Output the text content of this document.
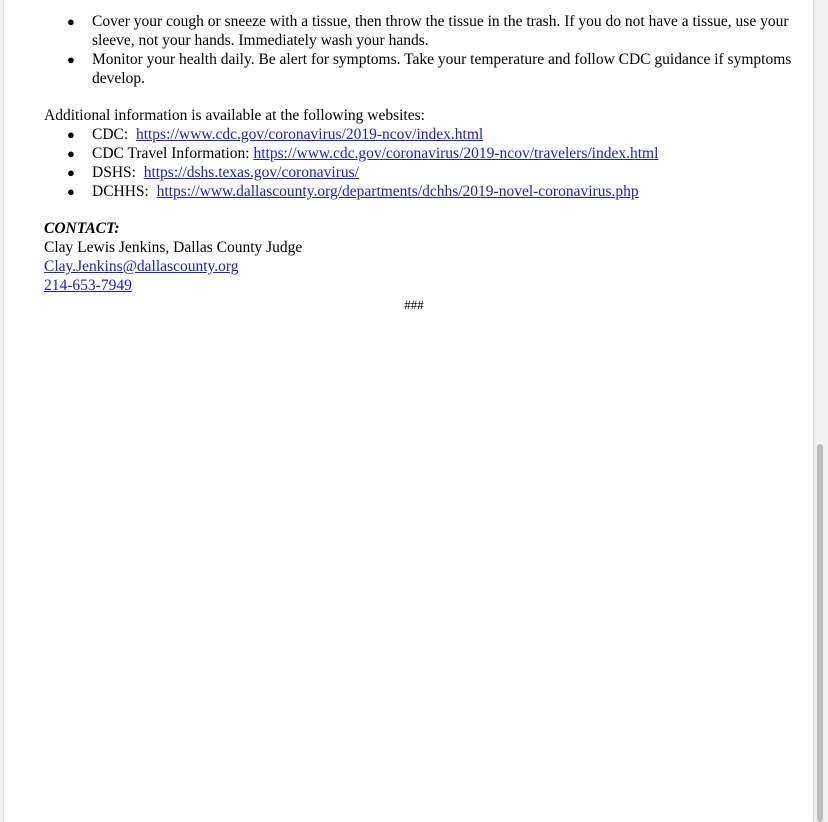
● Cover your cough or sneeze with a tissue, then throw the tissue in the trash. If you do not have a tissue, use your sleeve, not your hands. Immediately wash your hands.
● Monitor your health daily. Be alert for symptoms. Take your temperature and follow CDC guidance if symptoms develop.

Additional information is available at the following websites:

● CDC: https://www.cdc.gov/coronavirus/2019-ncov/index.html
● CDC Travel Information: https://www.cdc.gov/coronavirus/2019-ncov/travelers/index.html
● DSHS: https://dshs.texas.gov/coronavirus/
● DCHHS: https://www.dallascounty.org/departments/dchhs/2019-novel-coronavirus.php

CONTACT:

Clay Lewis Jenkins, Dallas County Judge

Clay.Jenkins@dallascounty.org

214-653-7949

###
